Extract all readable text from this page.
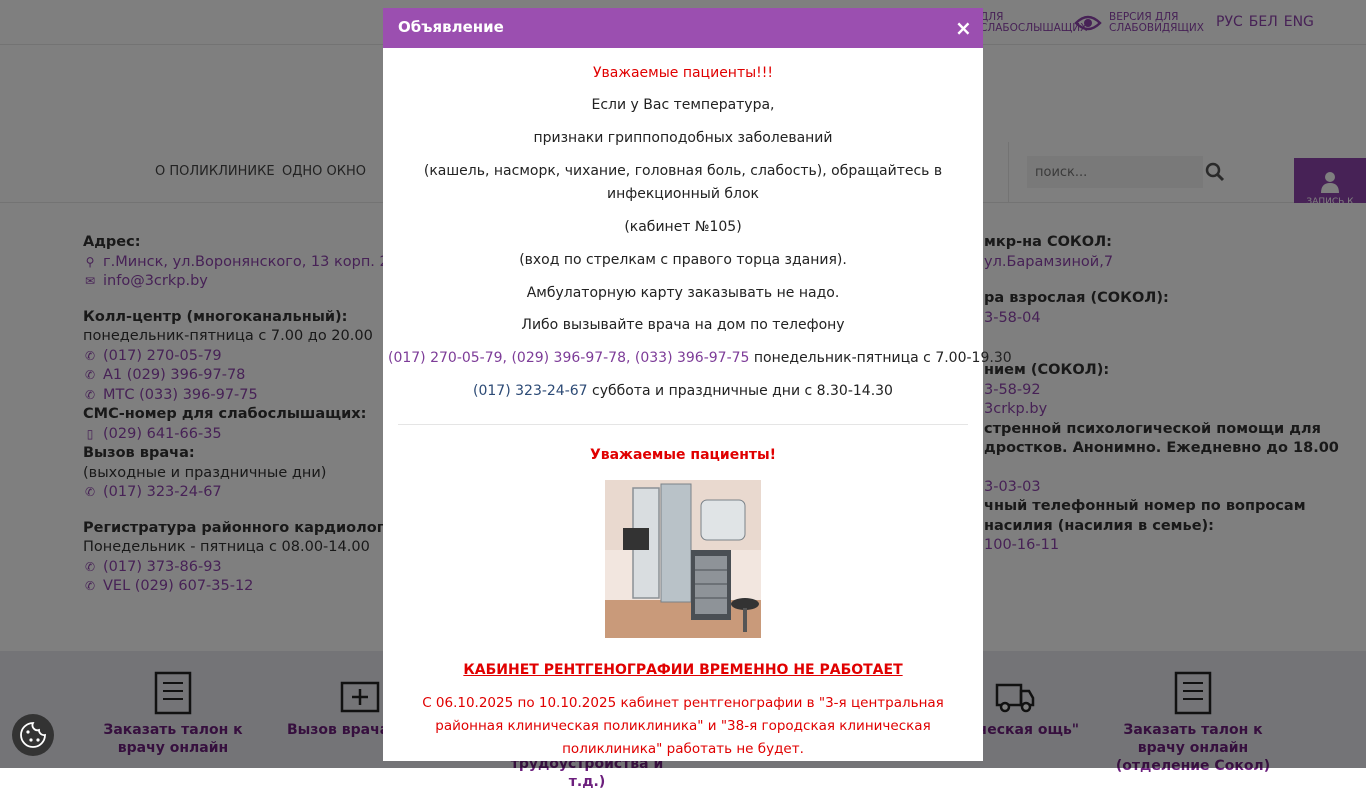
поиск...
т.д.)
Объявление	×
Уважаемые пациенты!!!
Если у Вас температура,
признаки гриппоподобных заболеваний
(кашель, насморк, чихание, головная боль, слабость), обращайтесь в инфекционный блок
(кабинет №105)
(вход по стрелкам с правого торца здания).
Амбулаторную карту заказывать не надо.
Либо вызывайте врача на дом по телефону
(017) 270-05-79, (029) 396-97-78, (033) 396-97-75 понедельник-пятница с 7.00-19.30
(017) 323-24-67 суббота и праздничные дни с 8.30-14.30
Уважаемые пациенты!
КАБИНЕТ РЕНТГЕНОГРАФИИ ВРЕМЕННО НЕ РАБОТАЕТ
С 06.10.2025 по 10.10.2025 кабинет рентгенографии в "3-я центральная районная клиническая поликлиника" и "38-я городская клиническая поликлиника" работать не будет.
